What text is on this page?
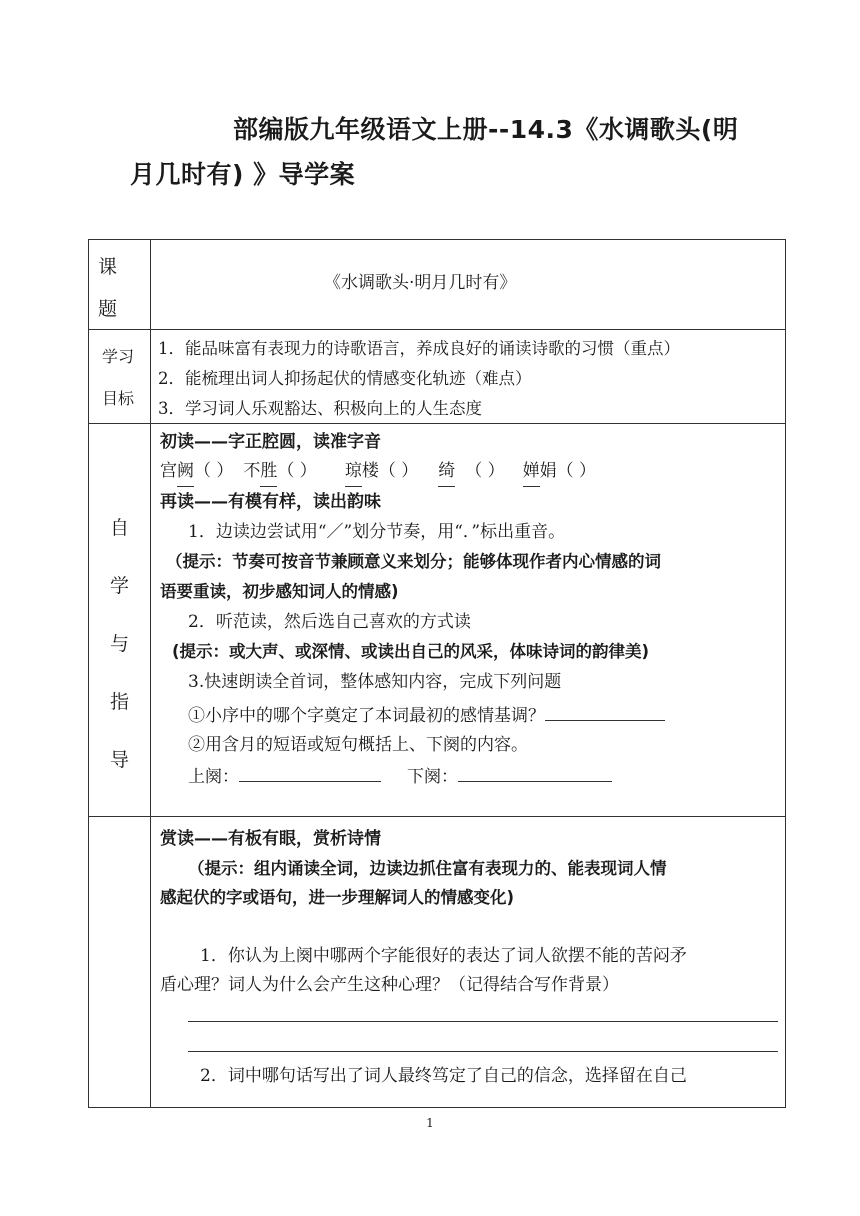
部编版九年级语文上册--14.3《水调歌头(明
月几时有) 》导学案
课
题
《水调歌头·明月几时有》
学习
目标
1．能品味富有表现力的诗歌语言，养成良好的诵读诗歌的习惯（重点）
2．能梳理出词人抑扬起伏的情感变化轨迹（难点）
3．学习词人乐观豁达、积极向上的人生态度
自
学
与
指
导
初读——字正腔圆，读准字音
宫阙（ ） 不胜（ ） 琼楼（ ） 绮 （ ） 婵娟（ ）
再读——有模有样，读出韵味
1．边读边尝试用“／”划分节奏，用“．”标出重音。
（提示：节奏可按音节兼顾意义来划分；能够体现作者内心情感的词
语要重读，初步感知词人的情感)
2．听范读，然后选自己喜欢的方式读
(提示：或大声、或深情、或读出自己的风采，体味诗词的韵律美)
3.快速朗读全首词，整体感知内容，完成下列问题
①小序中的哪个字奠定了本词最初的感情基调？
②用含月的短语或短句概括上、下阕的内容。
上阕：	下阕：
赏读——有板有眼，赏析诗情
（提示：组内诵读全词，边读边抓住富有表现力的、能表现词人情
感起伏的字或语句，进一步理解词人的情感变化)
1．你认为上阕中哪两个字能很好的表达了词人欲摆不能的苦闷矛
盾心理？词人为什么会产生这种心理？（记得结合写作背景）
2．词中哪句话写出了词人最终笃定了自己的信念，选择留在自己
1
